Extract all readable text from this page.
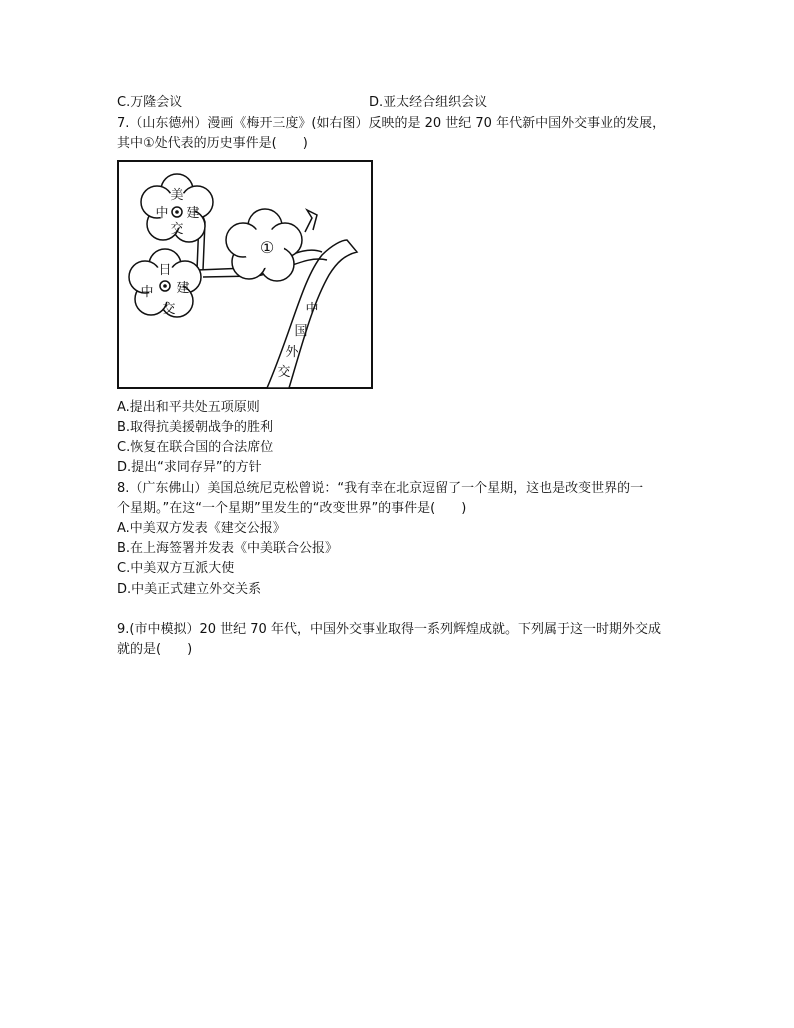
C.万隆会议	D.亚太经合组织会议
7.（山东德州）漫画《梅开三度》(如右图）反映的是 20 世纪 70 年代新中国外交事业的发展，
其中①处代表的历史事件是(　　)
美
中 建
交
日
中 建
交
①
中
国
外
交
A.提出和平共处五项原则
B.取得抗美援朝战争的胜利
C.恢复在联合国的合法席位
D.提出“求同存异”的方针
8.（广东佛山）美国总统尼克松曾说：“我有幸在北京逗留了一个星期，这也是改变世界的一
个星期。”在这“一个星期”里发生的“改变世界”的事件是(　　)
A.中美双方发表《建交公报》
B.在上海签署并发表《中美联合公报》
C.中美双方互派大使
D.中美正式建立外交关系
9.(市中模拟）20 世纪 70 年代，中国外交事业取得一系列辉煌成就。下列属于这一时期外交成
就的是(　　)
